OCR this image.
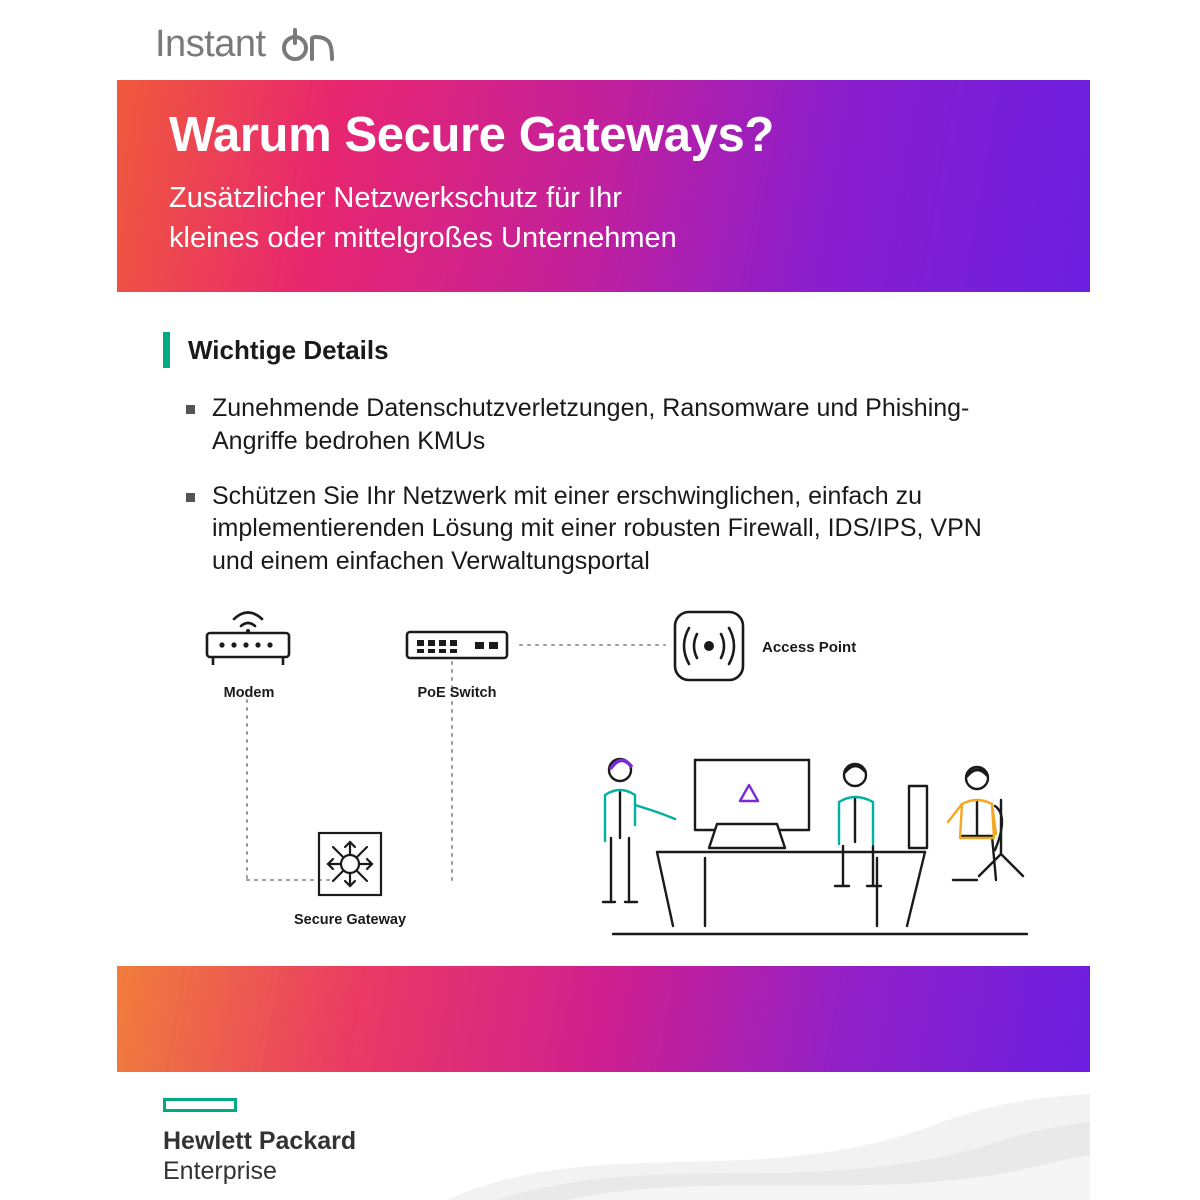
Instant
Warum Secure Gateways?
Zusätzlicher Netzwerkschutz für Ihr
kleines oder mittelgroßes Unternehmen
Wichtige Details
Zunehmende Datenschutzverletzungen, Ransomware und Phishing-Angriffe bedrohen KMUs
Schützen Sie Ihr Netzwerk mit einer erschwinglichen, einfach zu implementierenden Lösung mit einer robusten Firewall, IDS/IPS, VPN und einem einfachen Verwaltungsportal
Access Point
Modem	PoE Switch
Secure Gateway
Hewlett Packard
Enterprise
